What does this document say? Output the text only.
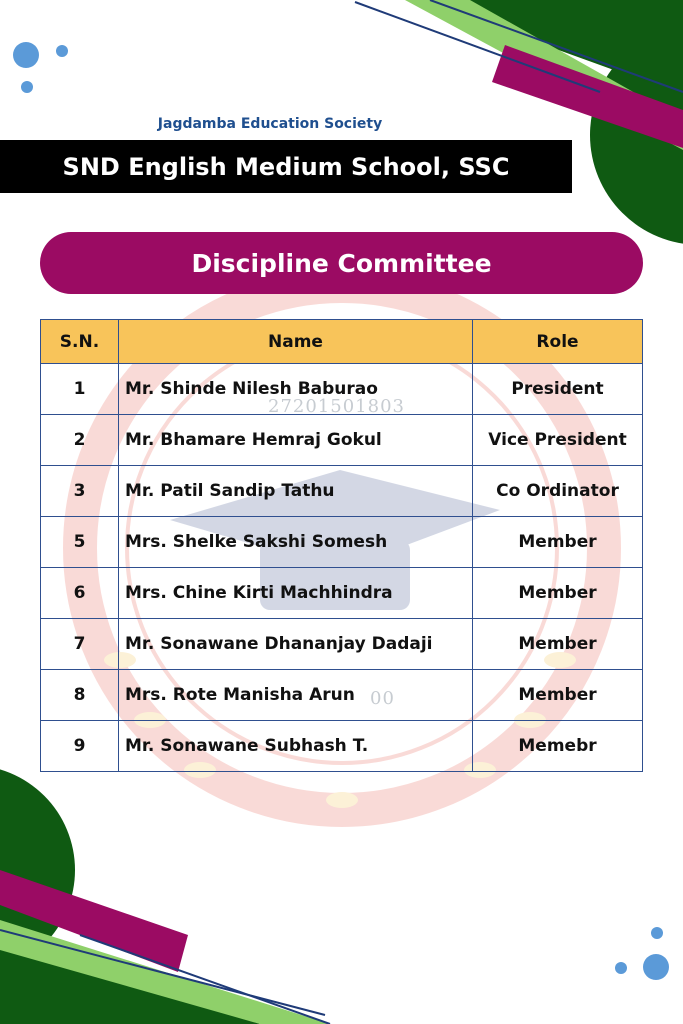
27201501803
00
Jagdamba Education Society
SND English Medium School, SSC
Discipline Committee
S.N.	Name	Role
1	Mr. Shinde Nilesh Baburao	President
2	Mr. Bhamare Hemraj Gokul	Vice President
3	Mr. Patil Sandip Tathu	Co Ordinator
5	Mrs. Shelke Sakshi Somesh	Member
6	Mrs. Chine Kirti Machhindra	Member
7	Mr. Sonawane Dhananjay Dadaji	Member
8	Mrs. Rote Manisha Arun	Member
9	Mr. Sonawane Subhash T.	Memebr
